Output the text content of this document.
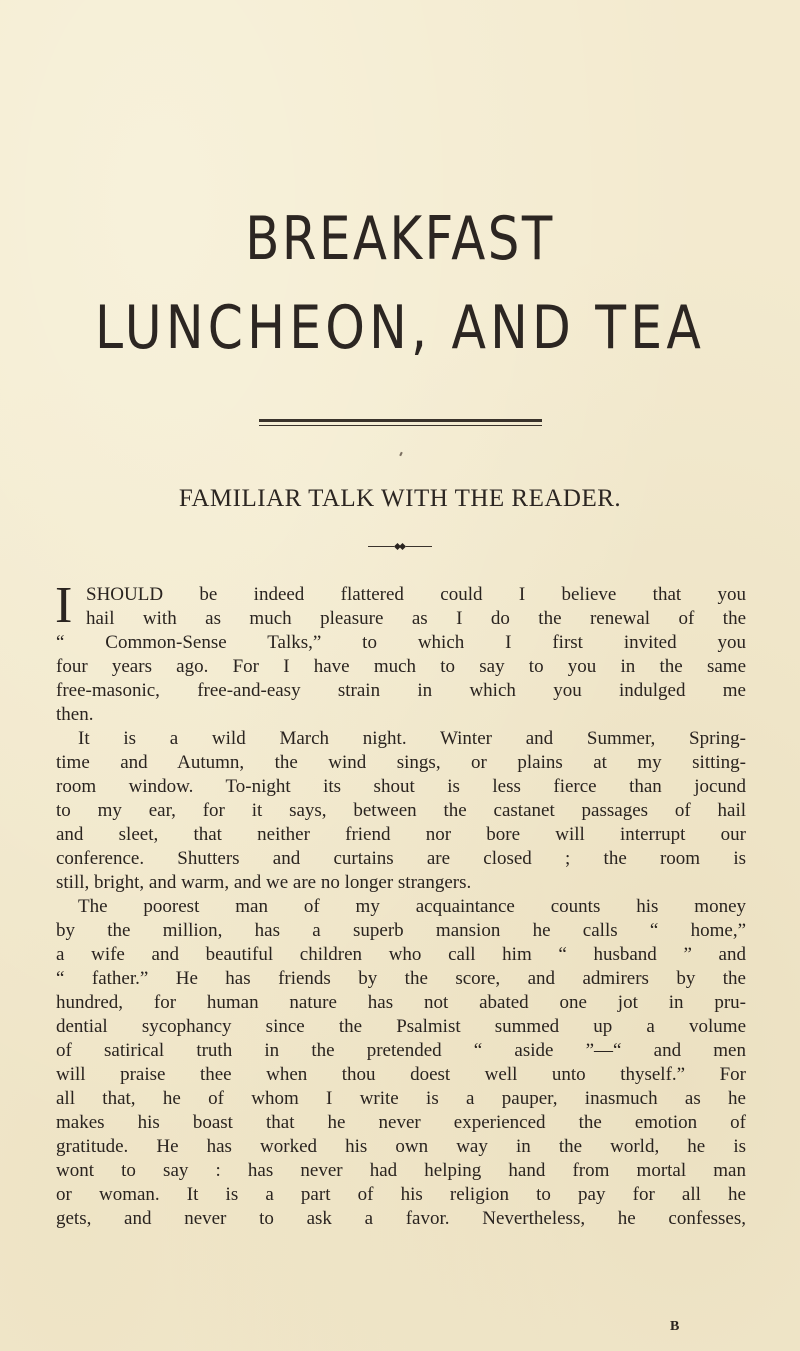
BREAKFAST
LUNCHEON, AND TEA
FAMILIAR TALK WITH THE READER.
I SHOULD be indeed flattered could I believe that you
hail with as much pleasure as I do the renewal of the
“ Common-Sense Talks,” to which I first invited you
four years ago. For I have much to say to you in the same
free-masonic, free-and-easy strain in which you indulged me
then.
It is a wild March night. Winter and Summer, Spring-
time and Autumn, the wind sings, or plains at my sitting-
room window. To-night its shout is less fierce than jocund
to my ear, for it says, between the castanet passages of hail
and sleet, that neither friend nor bore will interrupt our
conference. Shutters and curtains are closed ; the room is
still, bright, and warm, and we are no longer strangers.
The poorest man of my acquaintance counts his money
by the million, has a superb mansion he calls “ home,”
a wife and beautiful children who call him “ husband ” and
“ father.” He has friends by the score, and admirers by the
hundred, for human nature has not abated one jot in pru-
dential sycophancy since the Psalmist summed up a volume
of satirical truth in the pretended “ aside ”—“ and men
will praise thee when thou doest well unto thyself.” For
all that, he of whom I write is a pauper, inasmuch as he
makes his boast that he never experienced the emotion of
gratitude. He has worked his own way in the world, he is
wont to say : has never had helping hand from mortal man
or woman. It is a part of his religion to pay for all he
gets, and never to ask a favor. Nevertheless, he confesses,
B
